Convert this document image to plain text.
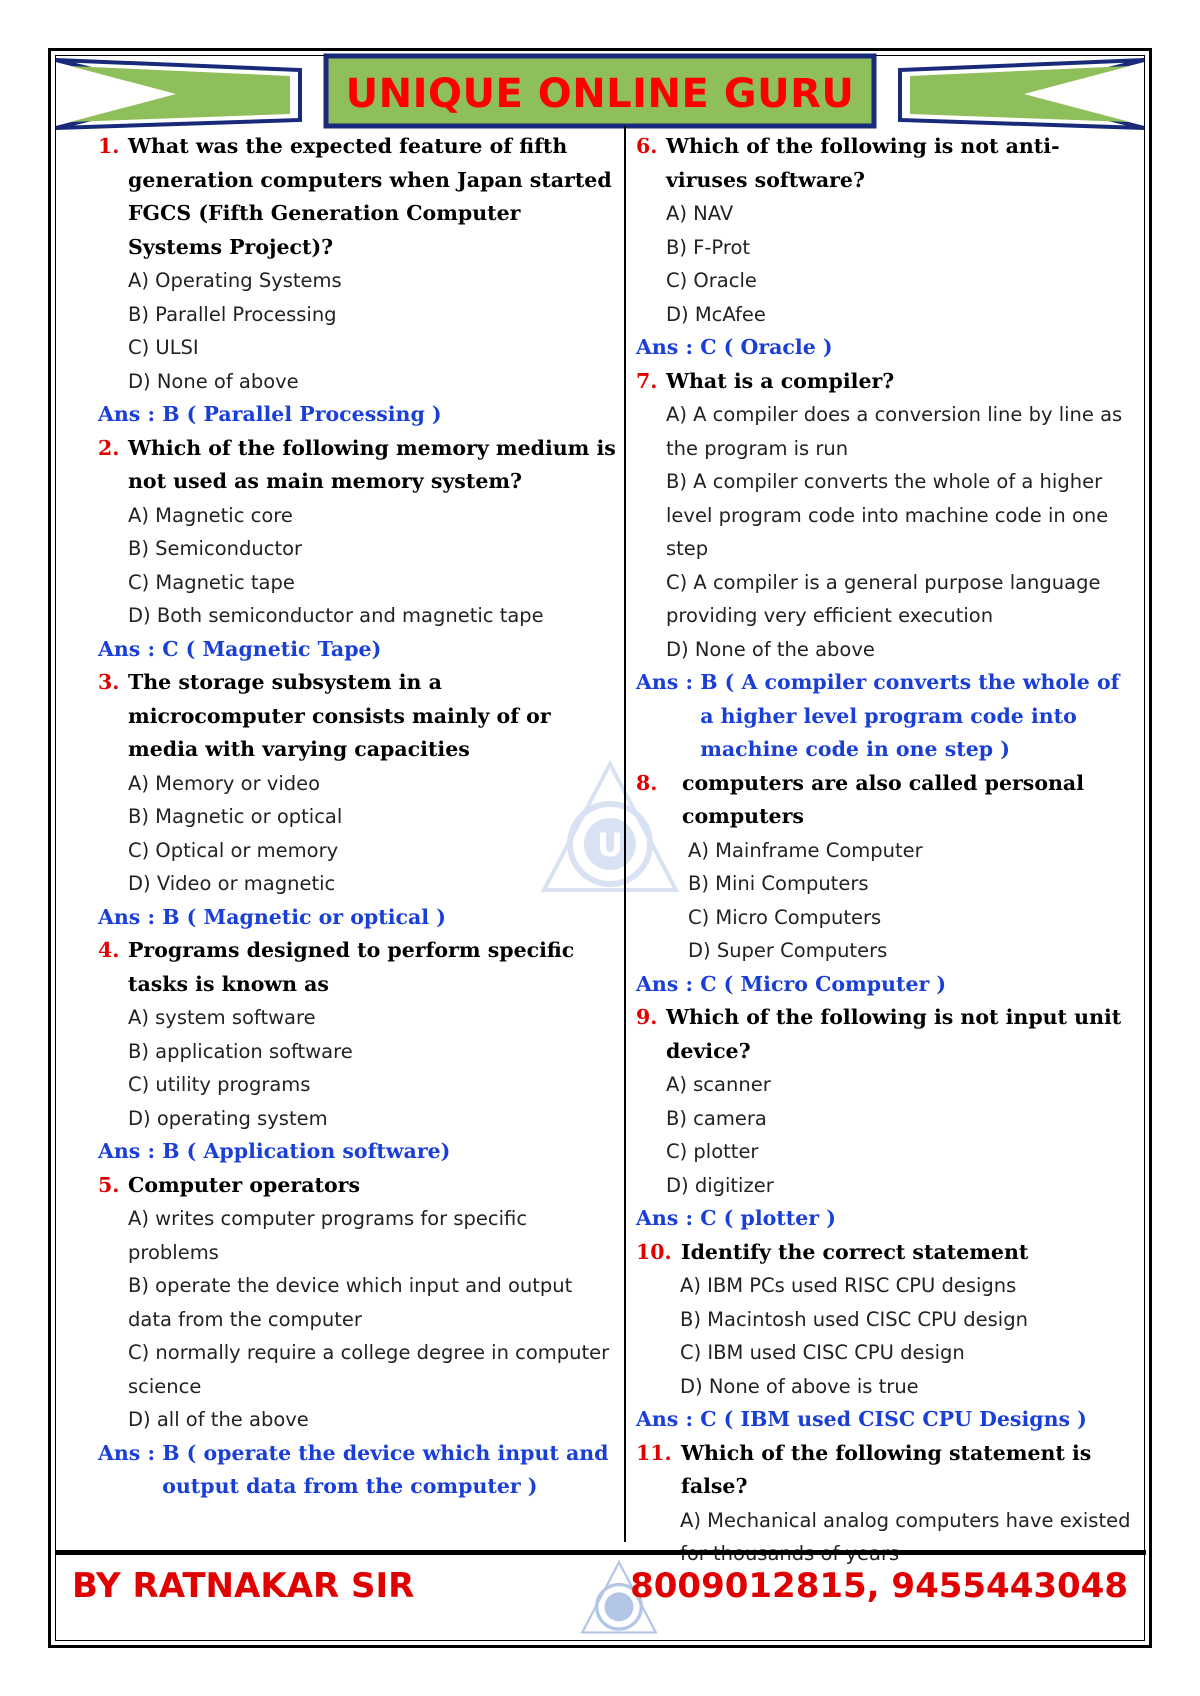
UNIQUE ONLINE GURU
U
1. What was the expected feature of fifth generation computers when Japan started FGCS (Fifth Generation Computer Systems Project)?
A) Operating Systems
B) Parallel Processing
C) ULSI
D) None of above
Ans : B ( Parallel Processing )
2. Which of the following memory medium is not used as main memory system?
A) Magnetic core
B) Semiconductor
C) Magnetic tape
D) Both semiconductor and magnetic tape
Ans : C ( Magnetic Tape)
3. The storage subsystem in a microcomputer consists mainly of or media with varying capacities
A) Memory or video
B) Magnetic or optical
C) Optical or memory
D) Video or magnetic
Ans : B ( Magnetic or optical )
4. Programs designed to perform specific tasks is known as
A) system software
B) application software
C) utility programs
D) operating system
Ans : B ( Application software)
5. Computer operators
A) writes computer programs for specific problems
B) operate the device which input and output data from the computer
C) normally require a college degree in computer science
D) all of the above
Ans : B ( operate the device which input and output data from the computer )
6. Which of the following is not anti-viruses software?
A) NAV
B) F-Prot
C) Oracle
D) McAfee
Ans : C ( Oracle )
7. What is a compiler?
A) A compiler does a conversion line by line as the program is run
B) A compiler converts the whole of a higher level program code into machine code in one step
C) A compiler is a general purpose language providing very efficient execution
D) None of the above
Ans : B ( A compiler converts the whole of a higher level program code into machine code in one step )
8.	computers are also called personal computers
A) Mainframe Computer
B) Mini Computers
C) Micro Computers
D) Super Computers
Ans : C ( Micro Computer )
9. Which of the following is not input unit device?
A) scanner
B) camera
C) plotter
D) digitizer
Ans : C ( plotter )
10. Identify the correct statement
A) IBM PCs used RISC CPU designs
B) Macintosh used CISC CPU design
C) IBM used CISC CPU design
D) None of above is true
Ans : C ( IBM used CISC CPU Designs )
11. Which of the following statement is false?
A) Mechanical analog computers have existed
BY RATNAKAR SIR	8009012815, 9455443048
